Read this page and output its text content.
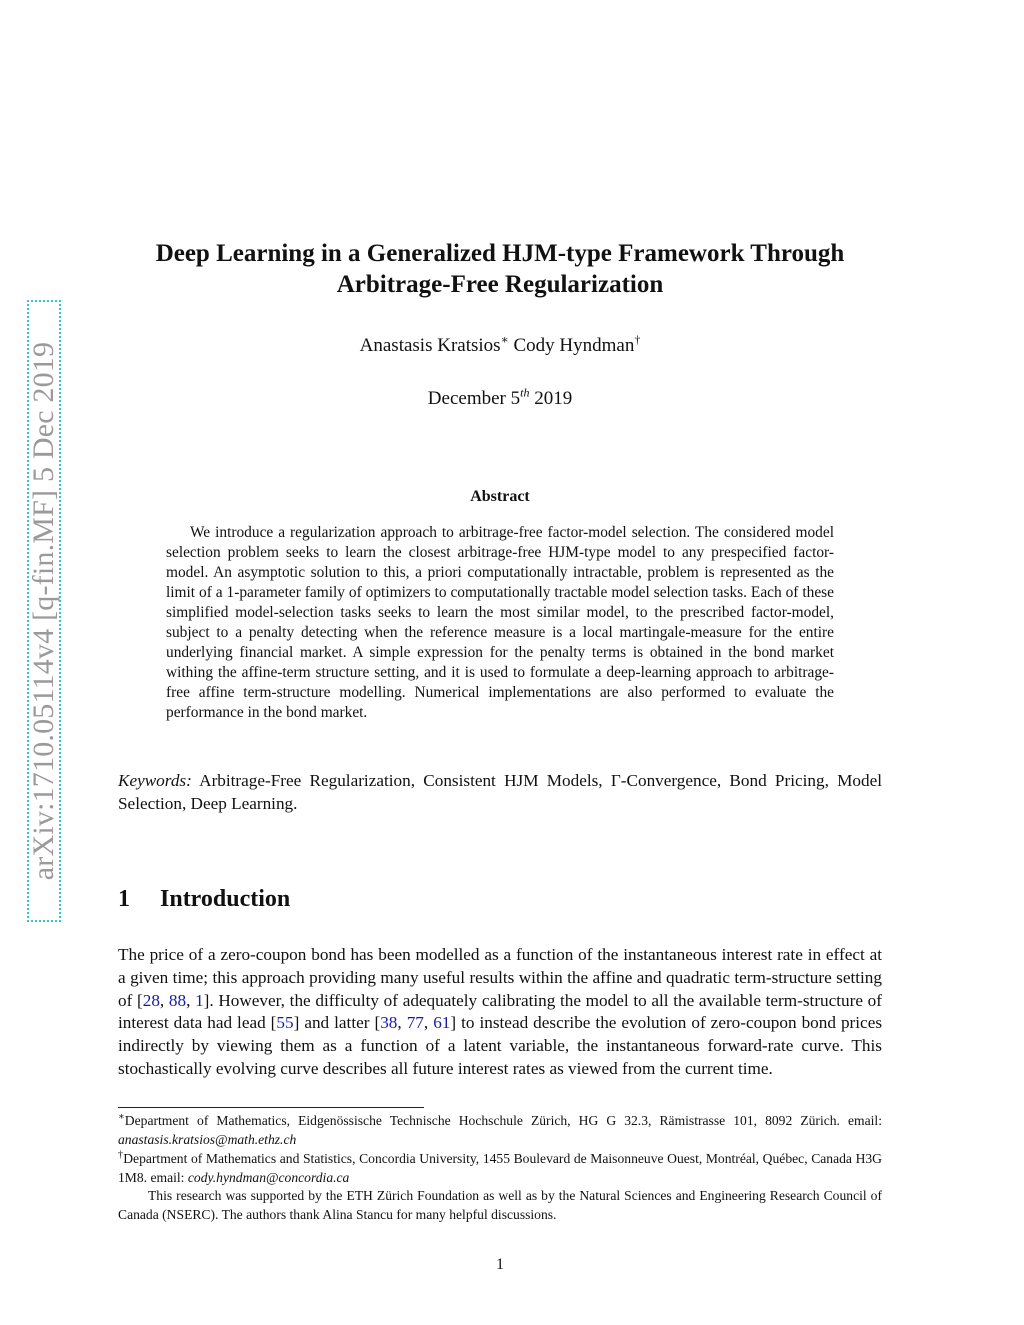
arXiv:1710.05114v4 [q-fin.MF] 5 Dec 2019
Deep Learning in a Generalized HJM-type Framework Through
Arbitrage-Free Regularization
Anastasis Kratsios∗ Cody Hyndman†
December 5th 2019
Abstract

We introduce a regularization approach to arbitrage-free factor-model selection. The considered model selection problem seeks to learn the closest arbitrage-free HJM-type model to any prespecified factor-model. An asymptotic solution to this, a priori computationally intractable, problem is represented as the limit of a 1-parameter family of optimizers to computationally tractable model selection tasks. Each of these simplified model-selection tasks seeks to learn the most similar model, to the prescribed factor-model, subject to a penalty detecting when the reference measure is a local martingale-measure for the entire underlying financial market. A simple expression for the penalty terms is obtained in the bond market withing the affine-term structure setting, and it is used to formulate a deep-learning approach to arbitrage-free affine term-structure modelling. Numerical implementations are also performed to evaluate the performance in the bond market.

Keywords: Arbitrage-Free Regularization, Consistent HJM Models, Γ-Convergence, Bond Pricing, Model Selection, Deep Learning.

1 Introduction

The price of a zero-coupon bond has been modelled as a function of the instantaneous interest rate in effect at a given time; this approach providing many useful results within the affine and quadratic term-structure setting of [28, 88, 1]. However, the difficulty of adequately calibrating the model to all the available term-structure of interest data had lead [55] and latter [38, 77, 61] to instead describe the evolution of zero-coupon bond prices indirectly by viewing them as a function of a latent variable, the instantaneous forward-rate curve. This stochastically evolving curve describes all future interest rates as viewed from the current time.

∗Department of Mathematics, Eidgenössische Technische Hochschule Zürich, HG G 32.3, Rämistrasse 101, 8092 Zürich. email: anastasis.kratsios@math.ethz.ch

†Department of Mathematics and Statistics, Concordia University, 1455 Boulevard de Maisonneuve Ouest, Montréal, Québec, Canada H3G 1M8. email: cody.hyndman@concordia.ca

This research was supported by the ETH Zürich Foundation as well as by the Natural Sciences and Engineering Research Council of Canada (NSERC). The authors thank Alina Stancu for many helpful discussions.

1
